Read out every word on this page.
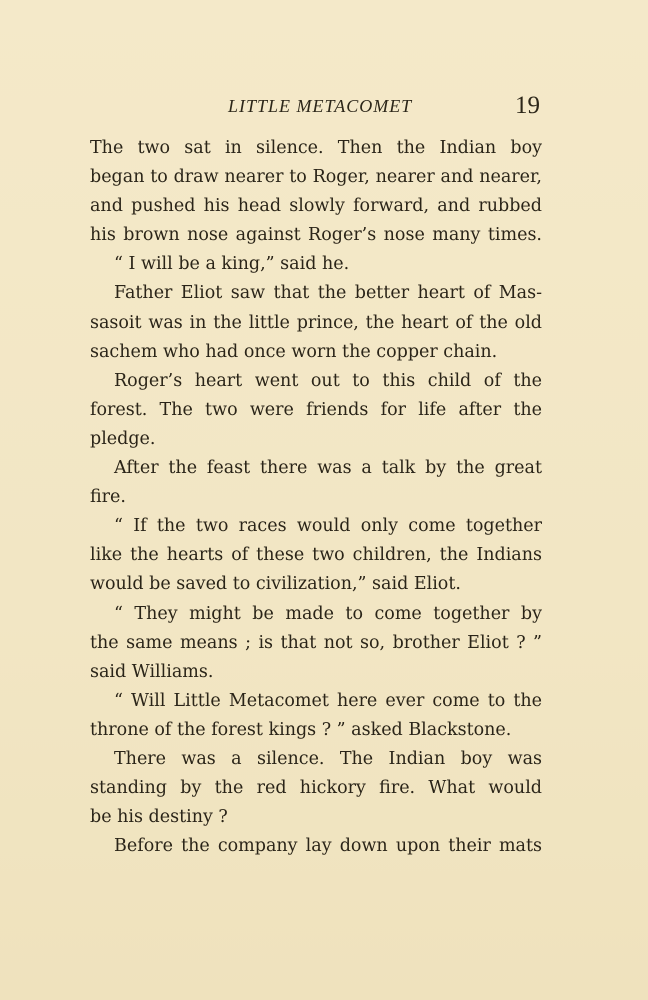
LITTLE METACOMET	19
The two sat in silence. Then the Indian boy
began to draw nearer to Roger, nearer and nearer,
and pushed his head slowly forward, and rubbed
his brown nose against Roger’s nose many times.
“ I will be a king,” said he.
Father Eliot saw that the better heart of Mas-
sasoit was in the little prince, the heart of the old
sachem who had once worn the copper chain.
Roger’s heart went out to this child of the
forest. The two were friends for life after the
pledge.
After the feast there was a talk by the great
fire.
“ If the two races would only come together
like the hearts of these two children, the Indians
would be saved to civilization,” said Eliot.
“ They might be made to come together by
the same means ; is that not so, brother Eliot ? ”
said Williams.
“ Will Little Metacomet here ever come to the
throne of the forest kings ? ” asked Blackstone.
There was a silence. The Indian boy was
standing by the red hickory fire. What would
be his destiny ?
Before the company lay down upon their mats
